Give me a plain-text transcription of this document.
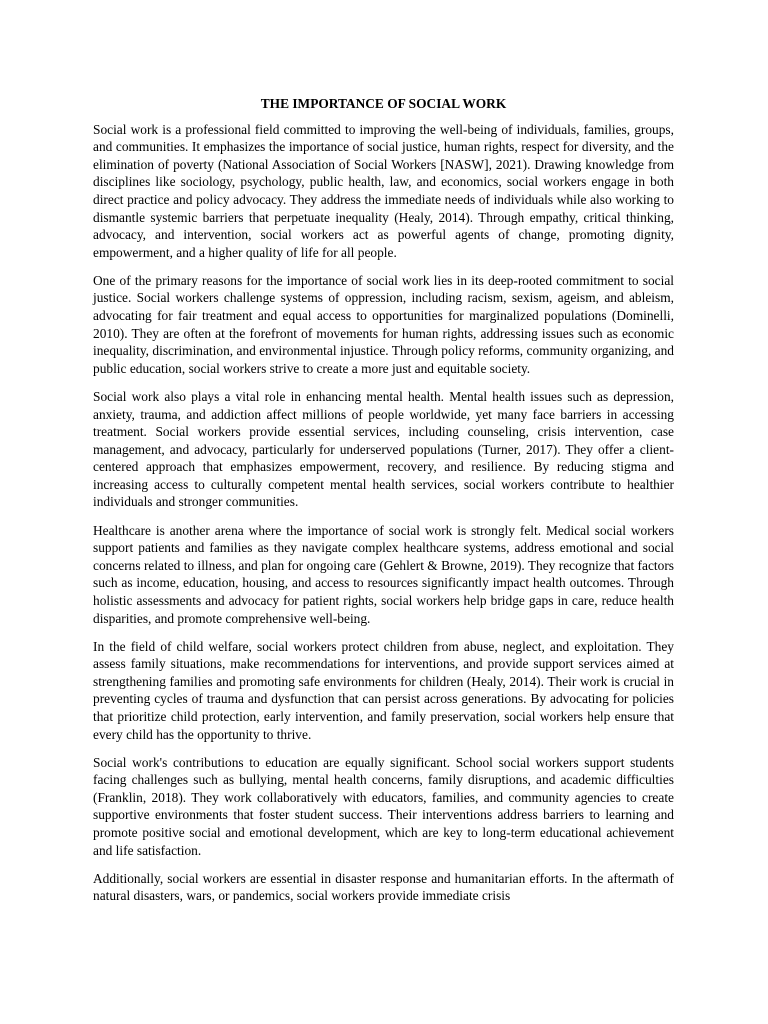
THE IMPORTANCE OF SOCIAL WORK

Social work is a professional field committed to improving the well-being of individuals, families, groups, and communities. It emphasizes the importance of social justice, human rights, respect for diversity, and the elimination of poverty (National Association of Social Workers [NASW], 2021). Drawing knowledge from disciplines like sociology, psychology, public health, law, and economics, social workers engage in both direct practice and policy advocacy. They address the immediate needs of individuals while also working to dismantle systemic barriers that perpetuate inequality (Healy, 2014). Through empathy, critical thinking, advocacy, and intervention, social workers act as powerful agents of change, promoting dignity, empowerment, and a higher quality of life for all people.

One of the primary reasons for the importance of social work lies in its deep-rooted commitment to social justice. Social workers challenge systems of oppression, including racism, sexism, ageism, and ableism, advocating for fair treatment and equal access to opportunities for marginalized populations (Dominelli, 2010). They are often at the forefront of movements for human rights, addressing issues such as economic inequality, discrimination, and environmental injustice. Through policy reforms, community organizing, and public education, social workers strive to create a more just and equitable society.

Social work also plays a vital role in enhancing mental health. Mental health issues such as depression, anxiety, trauma, and addiction affect millions of people worldwide, yet many face barriers in accessing treatment. Social workers provide essential services, including counseling, crisis intervention, case management, and advocacy, particularly for underserved populations (Turner, 2017). They offer a client-centered approach that emphasizes empowerment, recovery, and resilience. By reducing stigma and increasing access to culturally competent mental health services, social workers contribute to healthier individuals and stronger communities.

Healthcare is another arena where the importance of social work is strongly felt. Medical social workers support patients and families as they navigate complex healthcare systems, address emotional and social concerns related to illness, and plan for ongoing care (Gehlert & Browne, 2019). They recognize that factors such as income, education, housing, and access to resources significantly impact health outcomes. Through holistic assessments and advocacy for patient rights, social workers help bridge gaps in care, reduce health disparities, and promote comprehensive well-being.

In the field of child welfare, social workers protect children from abuse, neglect, and exploitation. They assess family situations, make recommendations for interventions, and provide support services aimed at strengthening families and promoting safe environments for children (Healy, 2014). Their work is crucial in preventing cycles of trauma and dysfunction that can persist across generations. By advocating for policies that prioritize child protection, early intervention, and family preservation, social workers help ensure that every child has the opportunity to thrive.

Social work's contributions to education are equally significant. School social workers support students facing challenges such as bullying, mental health concerns, family disruptions, and academic difficulties (Franklin, 2018). They work collaboratively with educators, families, and community agencies to create supportive environments that foster student success. Their interventions address barriers to learning and promote positive social and emotional development, which are key to long-term educational achievement and life satisfaction.

Additionally, social workers are essential in disaster response and humanitarian efforts. In the aftermath of natural disasters, wars, or pandemics, social workers provide immediate crisis
